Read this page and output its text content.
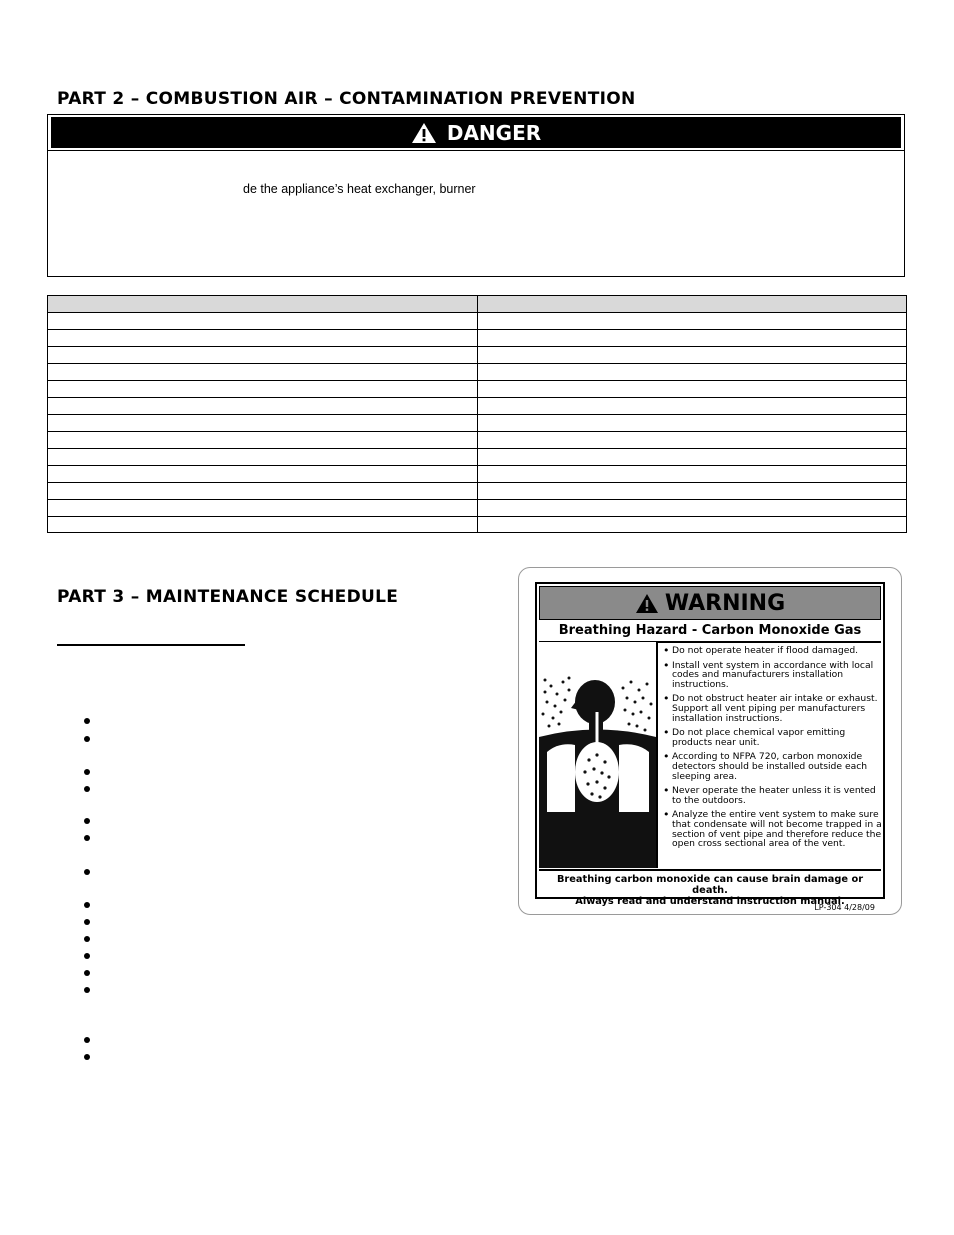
PART 2 – COMBUSTION AIR – CONTAMINATION PREVENTION
DANGER
de the appliance’s heat exchanger, burner
PART 3 – MAINTENANCE SCHEDULE	WARNING
Breathing Hazard - Carbon Monoxide Gas
• Do not operate heater if flood damaged.
• Install vent system in accordance with local codes and manufacturers installation instructions.
• Do not obstruct heater air intake or exhaust. Support all vent piping per manufacturers installation instructions.
• Do not place chemical vapor emitting products near unit.
• According to NFPA 720, carbon monoxide detectors should be installed outside each sleeping area.
• Never operate the heater unless it is vented to the outdoors.
• Analyze the entire vent system to make sure that condensate will not become trapped in a section of vent pipe and therefore reduce the open cross sectional area of the vent.
Breathing carbon monoxide can cause brain damage or death.
Always read and understand instruction manual.
LP-304 4/28/09
